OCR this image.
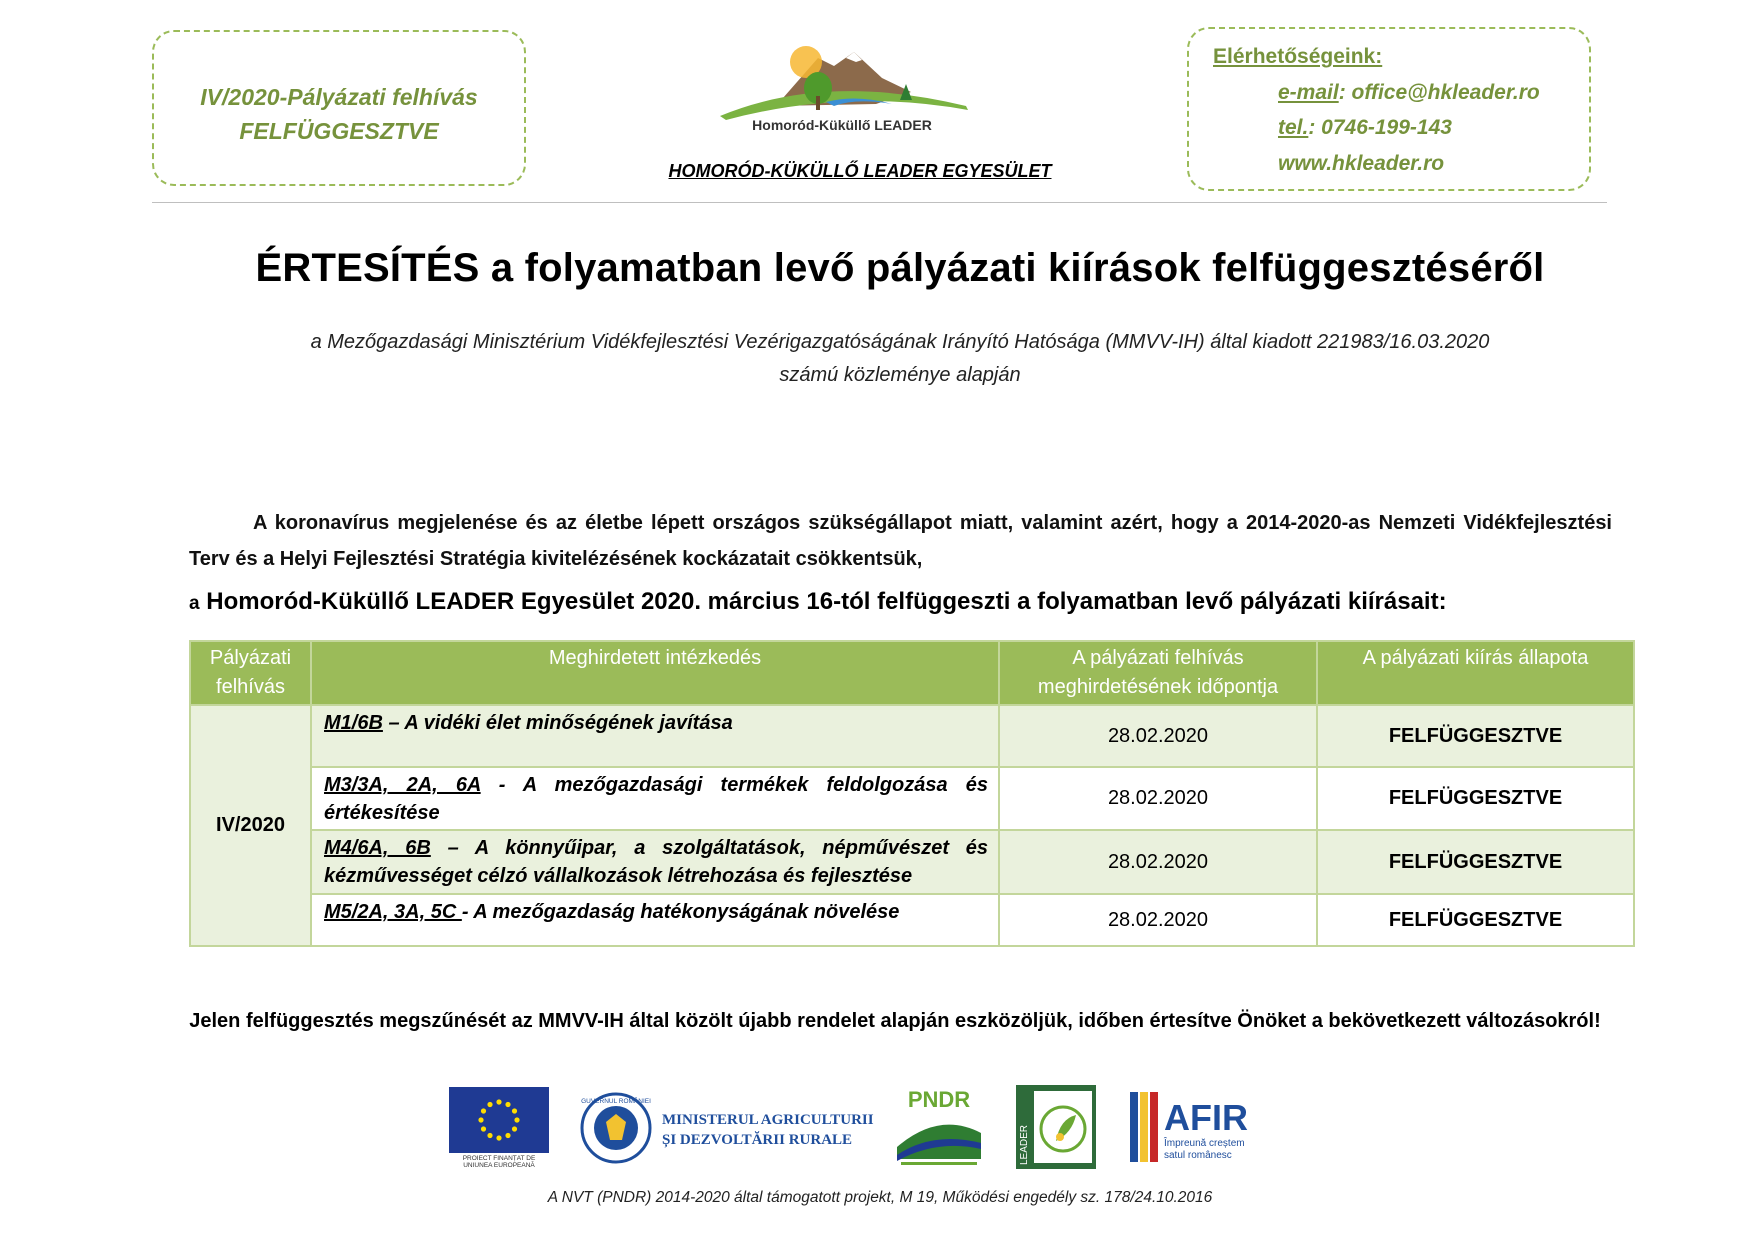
IV/2020-Pályázati felhívás
FELFÜGGESZTVE	Homoród-Küküllő LEADER
HOMORÓD-KÜKÜLLŐ LEADER EGYESÜLET
Elérhetőségeink:
e-mail: office@hkleader.ro
tel.: 0746-199-143
www.hkleader.ro
ÉRTESÍTÉS a folyamatban levő pályázati kiírások felfüggesztéséről
a Mezőgazdasági Minisztérium Vidékfejlesztési Vezérigazgatóságának Irányító Hatósága (MMVV-IH) által kiadott 221983/16.03.2020
számú közleménye alapján
A koronavírus megjelenése és az életbe lépett országos szükségállapot miatt, valamint azért, hogy a 2014-2020-as Nemzeti Vidékfejlesztési Terv és a Helyi Fejlesztési Stratégia kivitelézésének kockázatait csökkentsük,
a Homoród-Küküllő LEADER Egyesület 2020. március 16-tól felfüggeszti a folyamatban levő pályázati kiírásait:
Pályázati felhívás	Meghirdetett intézkedés	A pályázati felhívás meghirdetésének időpontja	A pályázati kiírás állapota
IV/2020	M1/6B – A vidéki élet minőségének javítása	28.02.2020	FELFÜGGESZTVE
	M3/3A, 2A, 6A - A mezőgazdasági termékek feldolgozása és értékesítése	28.02.2020	FELFÜGGESZTVE
	M4/6A, 6B – A könnyűipar, a szolgáltatások, népművészet és kézművességet célzó vállalkozások létrehozása és fejlesztése	28.02.2020	FELFÜGGESZTVE
	M5/2A, 3A, 5C - A mezőgazdaság hatékonyságának növelése	28.02.2020	FELFÜGGESZTVE
Jelen felfüggesztés megszűnését az MMVV-IH által közölt újabb rendelet alapján eszközöljük, időben értesítve Önöket a bekövetkezett változásokról!
PROIECT FINANȚAT DE
UNIUNEA EUROPEANĂ
GUVERNUL ROMÂNIEI
MINISTERUL AGRICULTURII
ȘI DEZVOLTĂRII RURALE
PNDR
LEADER
AFIR
Împreună creștem
satul românesc
A NVT (PNDR) 2014-2020 által támogatott projekt, M 19, Működési engedély sz. 178/24.10.2016
